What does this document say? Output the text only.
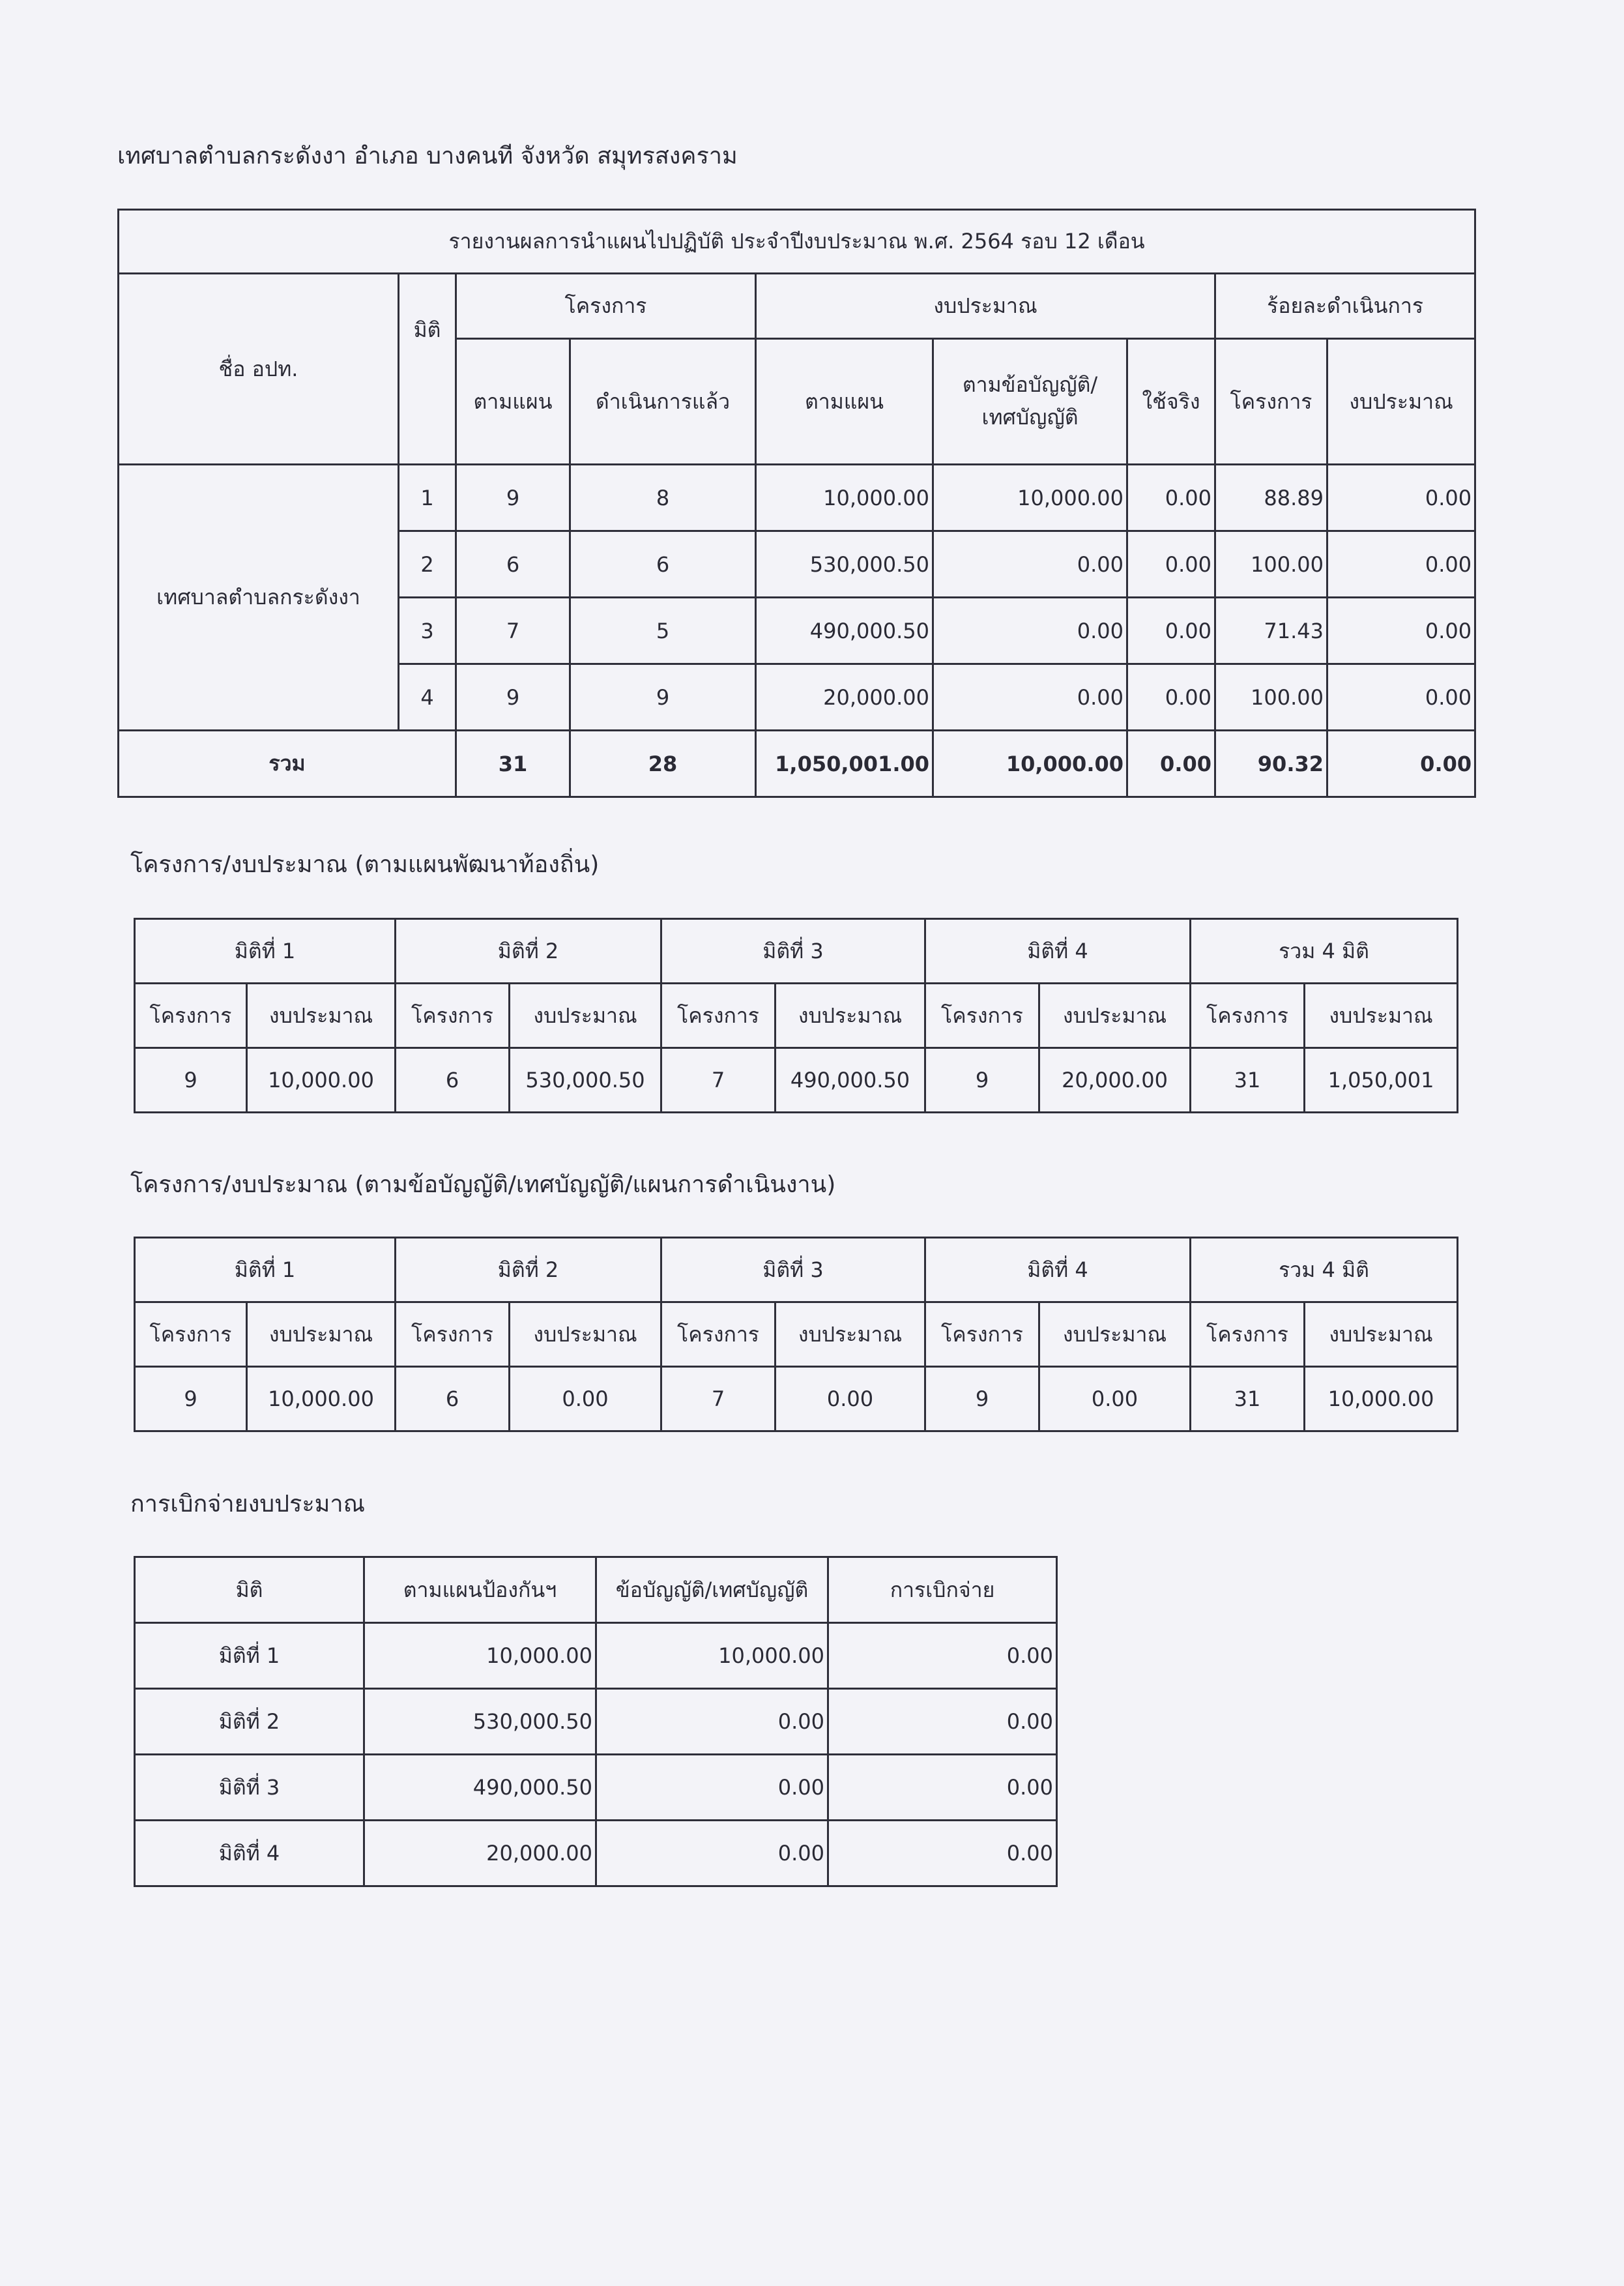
เทศบาลตำบลกระดังงา อำเภอ บางคนที จังหวัด สมุทรสงคราม
รายงานผลการนำแผนไปปฏิบัติ ประจำปีงบประมาณ พ.ศ. 2564 รอบ 12 เดือน								
ชื่อ อปท.	มิติ	โครงการ		งบประมาณ			ร้อยละดำเนินการ	
		ตามแผน	ดำเนินการแล้ว	ตามแผน	ตามข้อบัญญัติ/ เทศบัญญัติ	ใช้จริง	โครงการ	งบประมาณ
เทศบาลตำบลกระดังงา	1	9	8	10,000.00	10,000.00	0.00	88.89	0.00
	2	6	6	530,000.50	0.00	0.00	100.00	0.00
	3	7	5	490,000.50	0.00	0.00	71.43	0.00
	4	9	9	20,000.00	0.00	0.00	100.00	0.00
รวม		31	28	1,050,001.00	10,000.00	0.00	90.32	0.00
โครงการ/งบประมาณ (ตามแผนพัฒนาท้องถิ่น)
มิติที่ 1		มิติที่ 2		มิติที่ 3		มิติที่ 4		รวม 4 มิติ	
โครงการ	งบประมาณ	โครงการ	งบประมาณ	โครงการ	งบประมาณ	โครงการ	งบประมาณ	โครงการ	งบประมาณ
9	10,000.00	6	530,000.50	7	490,000.50	9	20,000.00	31	1,050,001
โครงการ/งบประมาณ (ตามข้อบัญญัติ/เทศบัญญัติ/แผนการดำเนินงาน)
มิติที่ 1		มิติที่ 2		มิติที่ 3		มิติที่ 4		รวม 4 มิติ	
โครงการ	งบประมาณ	โครงการ	งบประมาณ	โครงการ	งบประมาณ	โครงการ	งบประมาณ	โครงการ	งบประมาณ
9	10,000.00	6	0.00	7	0.00	9	0.00	31	10,000.00
การเบิกจ่ายงบประมาณ
มิติ	ตามแผนป้องกันฯ	ข้อบัญญัติ/เทศบัญญัติ	การเบิกจ่าย
มิติที่ 1	10,000.00	10,000.00	0.00
มิติที่ 2	530,000.50	0.00	0.00
มิติที่ 3	490,000.50	0.00	0.00
มิติที่ 4	20,000.00	0.00	0.00
